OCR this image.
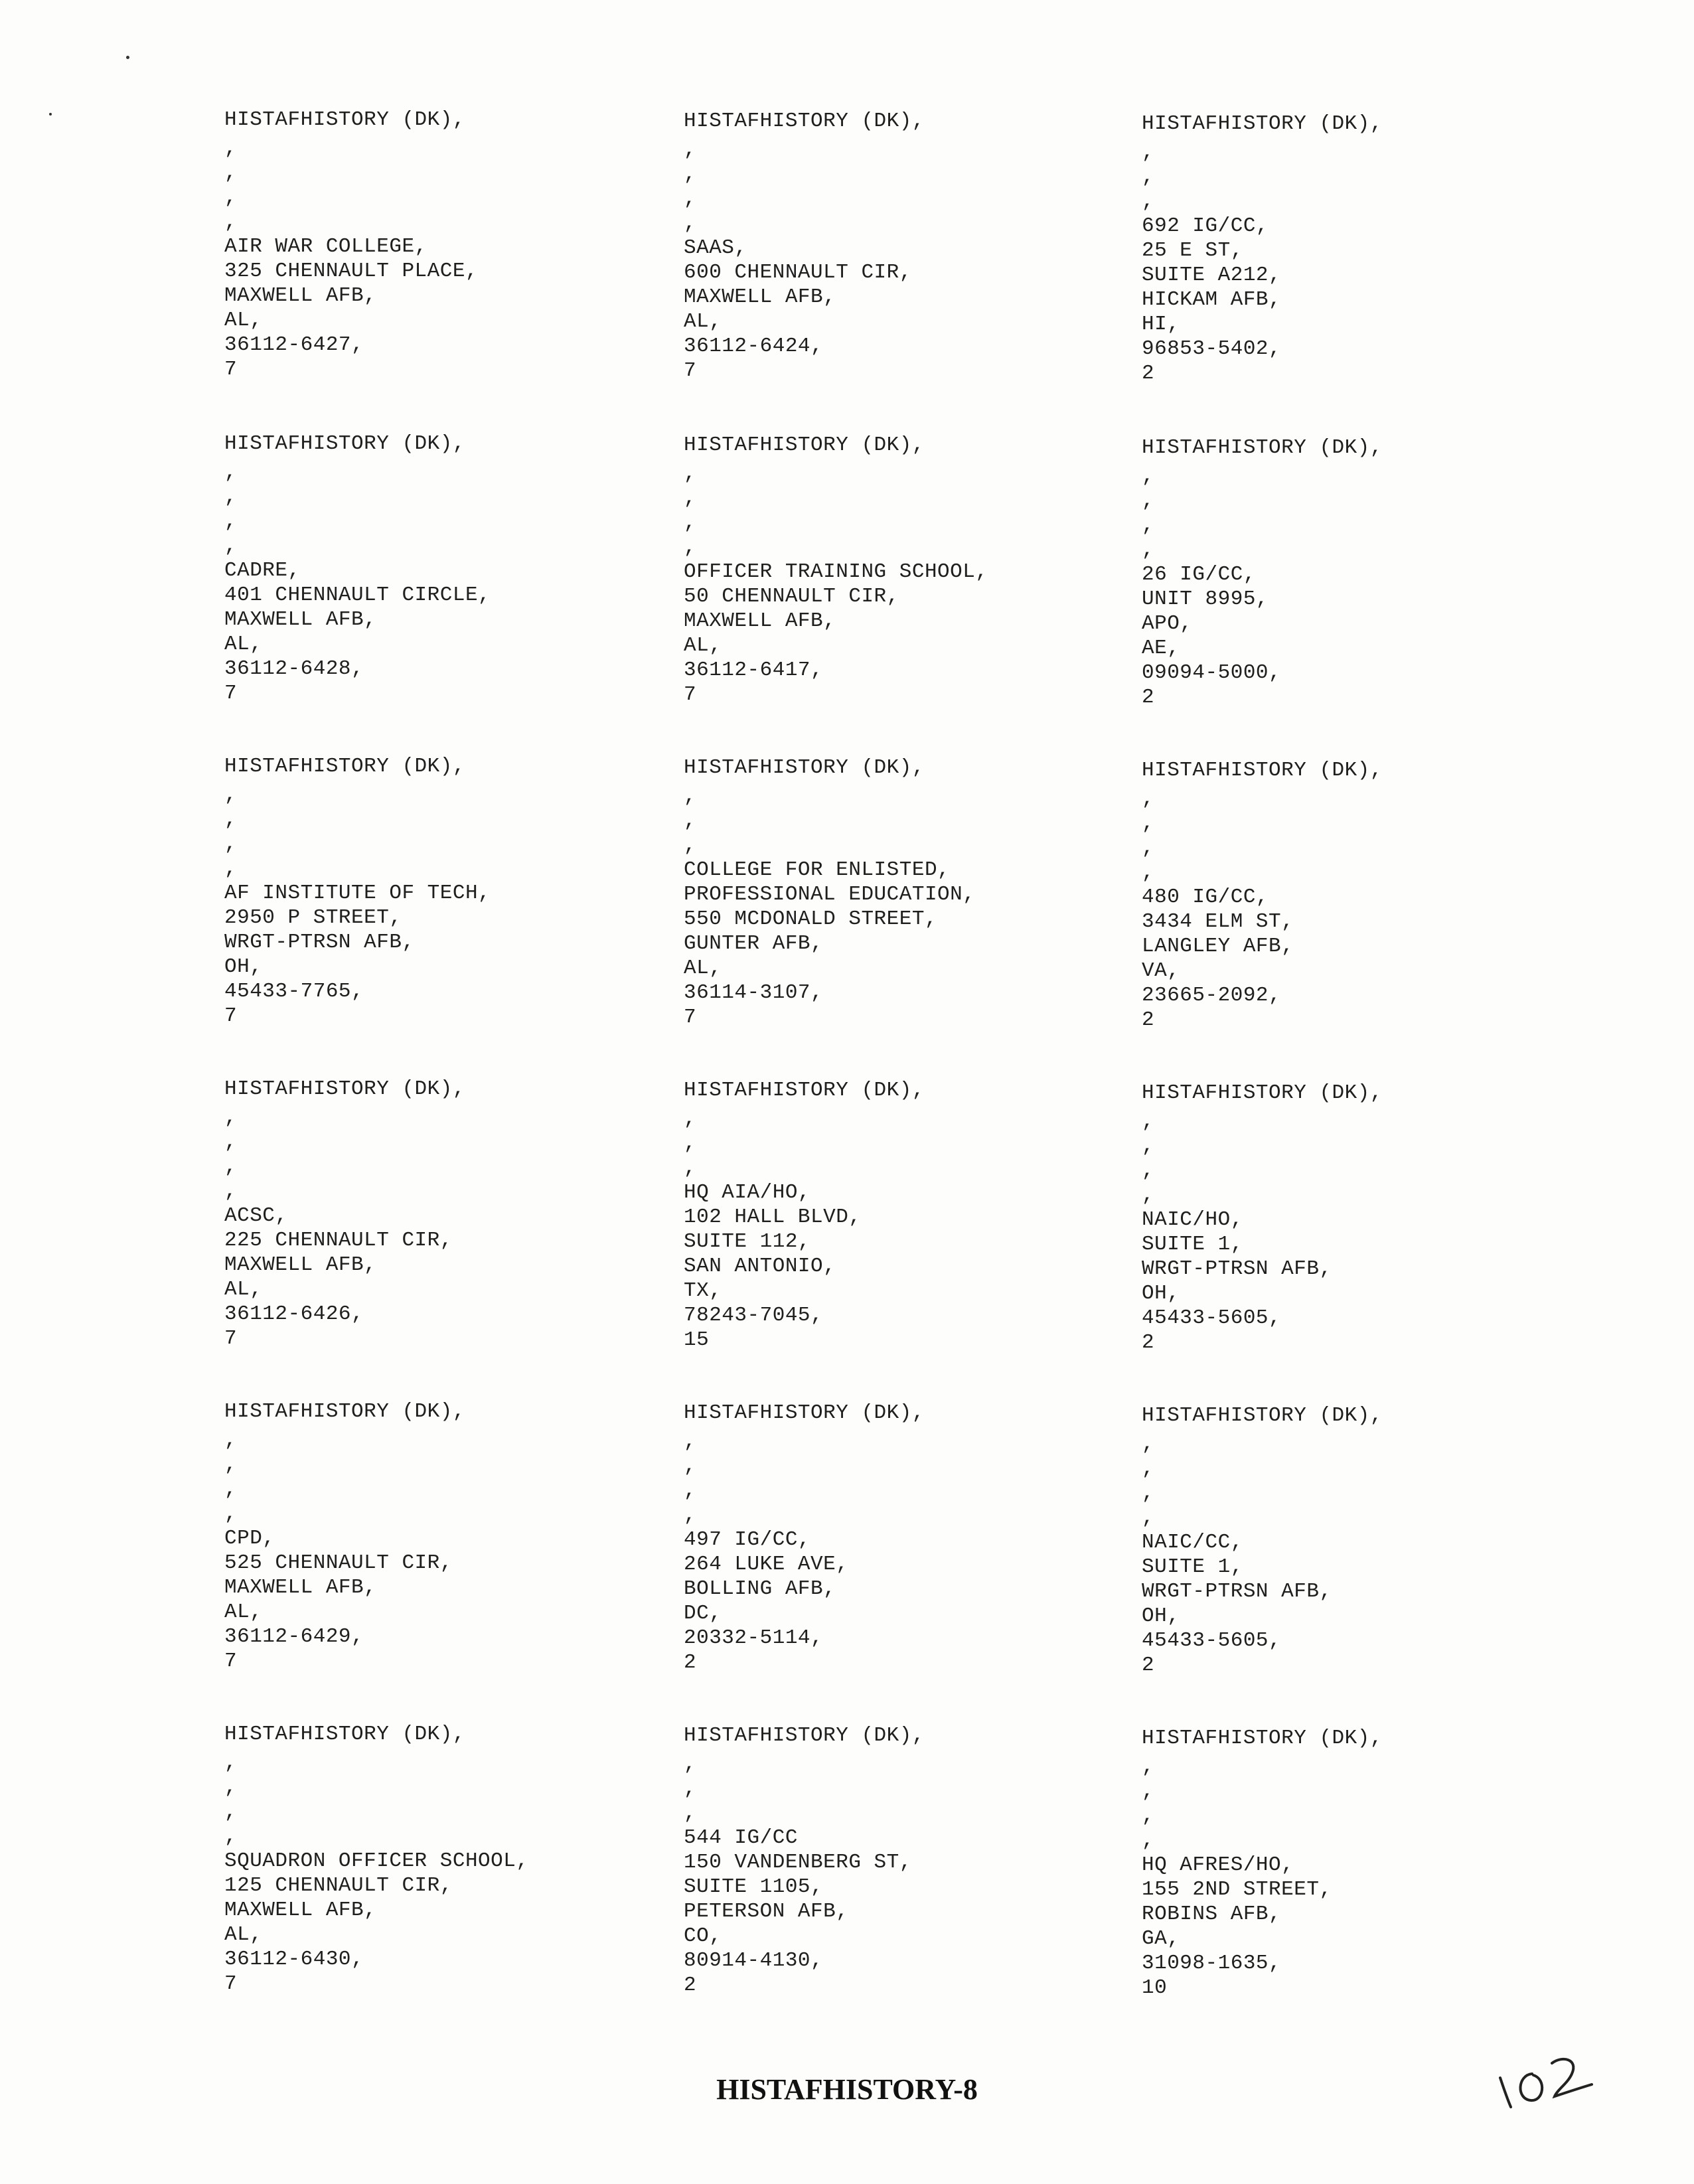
HISTAFHISTORY (DK),
,
,
,
,
AIR WAR COLLEGE,
325 CHENNAULT PLACE,
MAXWELL AFB,
AL,
36112-6427,
7
HISTAFHISTORY (DK),
,
,
,
,
SAAS,
600 CHENNAULT CIR,
MAXWELL AFB,
AL,
36112-6424,
7
HISTAFHISTORY (DK),
,
,
,
692 IG/CC,
25 E ST,
SUITE A212,
HICKAM AFB,
HI,
96853-5402,
2
HISTAFHISTORY (DK),
,
,
,
,
CADRE,
401 CHENNAULT CIRCLE,
MAXWELL AFB,
AL,
36112-6428,
7
HISTAFHISTORY (DK),
,
,
,
,
OFFICER TRAINING SCHOOL,
50 CHENNAULT CIR,
MAXWELL AFB,
AL,
36112-6417,
7
HISTAFHISTORY (DK),
,
,
,
,
26 IG/CC,
UNIT 8995,
APO,
AE,
09094-5000,
2
HISTAFHISTORY (DK),
,
,
,
,
AF INSTITUTE OF TECH,
2950 P STREET,
WRGT-PTRSN AFB,
OH,
45433-7765,
7
HISTAFHISTORY (DK),
,
,
,
COLLEGE FOR ENLISTED,
PROFESSIONAL EDUCATION,
550 MCDONALD STREET,
GUNTER AFB,
AL,
36114-3107,
7
HISTAFHISTORY (DK),
,
,
,
,
480 IG/CC,
3434 ELM ST,
LANGLEY AFB,
VA,
23665-2092,
2
HISTAFHISTORY (DK),
,
,
,
,
ACSC,
225 CHENNAULT CIR,
MAXWELL AFB,
AL,
36112-6426,
7
HISTAFHISTORY (DK),
,
,
,
HQ AIA/HO,
102 HALL BLVD,
SUITE 112,
SAN ANTONIO,
TX,
78243-7045,
15
HISTAFHISTORY (DK),
,
,
,
,
NAIC/HO,
SUITE 1,
WRGT-PTRSN AFB,
OH,
45433-5605,
2
HISTAFHISTORY (DK),
,
,
,
,
CPD,
525 CHENNAULT CIR,
MAXWELL AFB,
AL,
36112-6429,
7
HISTAFHISTORY (DK),
,
,
,
,
497 IG/CC,
264 LUKE AVE,
BOLLING AFB,
DC,
20332-5114,
2
HISTAFHISTORY (DK),
,
,
,
,
NAIC/CC,
SUITE 1,
WRGT-PTRSN AFB,
OH,
45433-5605,
2
HISTAFHISTORY (DK),
,
,
,
,
SQUADRON OFFICER SCHOOL,
125 CHENNAULT CIR,
MAXWELL AFB,
AL,
36112-6430,
7
HISTAFHISTORY (DK),
,
,
,
544 IG/CC
150 VANDENBERG ST,
SUITE 1105,
PETERSON AFB,
CO,
80914-4130,
2
HISTAFHISTORY (DK),
,
,
,
,
HQ AFRES/HO,
155 2ND STREET,
ROBINS AFB,
GA,
31098-1635,
10
HISTAFHISTORY-8
